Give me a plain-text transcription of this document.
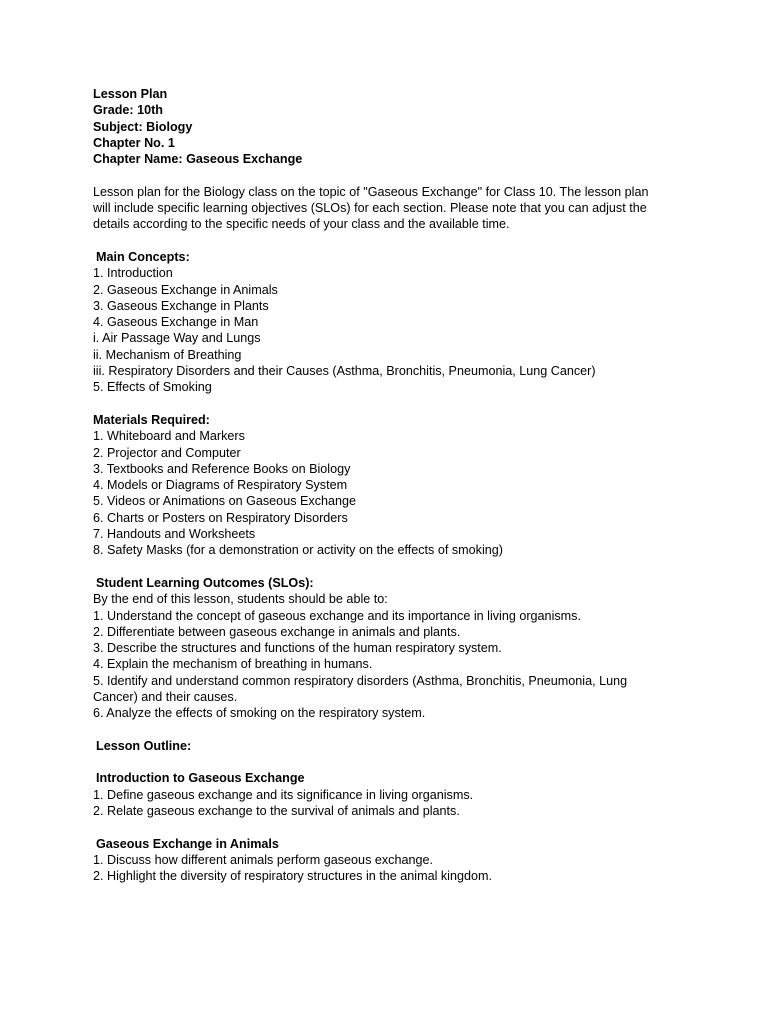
Lesson Plan

Grade: 10th

Subject: Biology

Chapter No. 1

Chapter Name: Gaseous Exchange

Lesson plan for the Biology class on the topic of "Gaseous Exchange" for Class 10. The lesson plan

will include specific learning objectives (SLOs) for each section. Please note that you can adjust the

details according to the specific needs of your class and the available time.

Main Concepts:

1. Introduction

2. Gaseous Exchange in Animals

3. Gaseous Exchange in Plants

4. Gaseous Exchange in Man

i. Air Passage Way and Lungs

ii. Mechanism of Breathing

iii. Respiratory Disorders and their Causes (Asthma, Bronchitis, Pneumonia, Lung Cancer)

5. Effects of Smoking

Materials Required:

1. Whiteboard and Markers

2. Projector and Computer

3. Textbooks and Reference Books on Biology

4. Models or Diagrams of Respiratory System

5. Videos or Animations on Gaseous Exchange

6. Charts or Posters on Respiratory Disorders

7. Handouts and Worksheets

8. Safety Masks (for a demonstration or activity on the effects of smoking)

Student Learning Outcomes (SLOs):

By the end of this lesson, students should be able to:

1. Understand the concept of gaseous exchange and its importance in living organisms.

2. Differentiate between gaseous exchange in animals and plants.

3. Describe the structures and functions of the human respiratory system.

4. Explain the mechanism of breathing in humans.

5. Identify and understand common respiratory disorders (Asthma, Bronchitis, Pneumonia, Lung

Cancer) and their causes.

6. Analyze the effects of smoking on the respiratory system.

Lesson Outline:

Introduction to Gaseous Exchange

1. Define gaseous exchange and its significance in living organisms.

2. Relate gaseous exchange to the survival of animals and plants.

Gaseous Exchange in Animals

1. Discuss how different animals perform gaseous exchange.

2. Highlight the diversity of respiratory structures in the animal kingdom.
